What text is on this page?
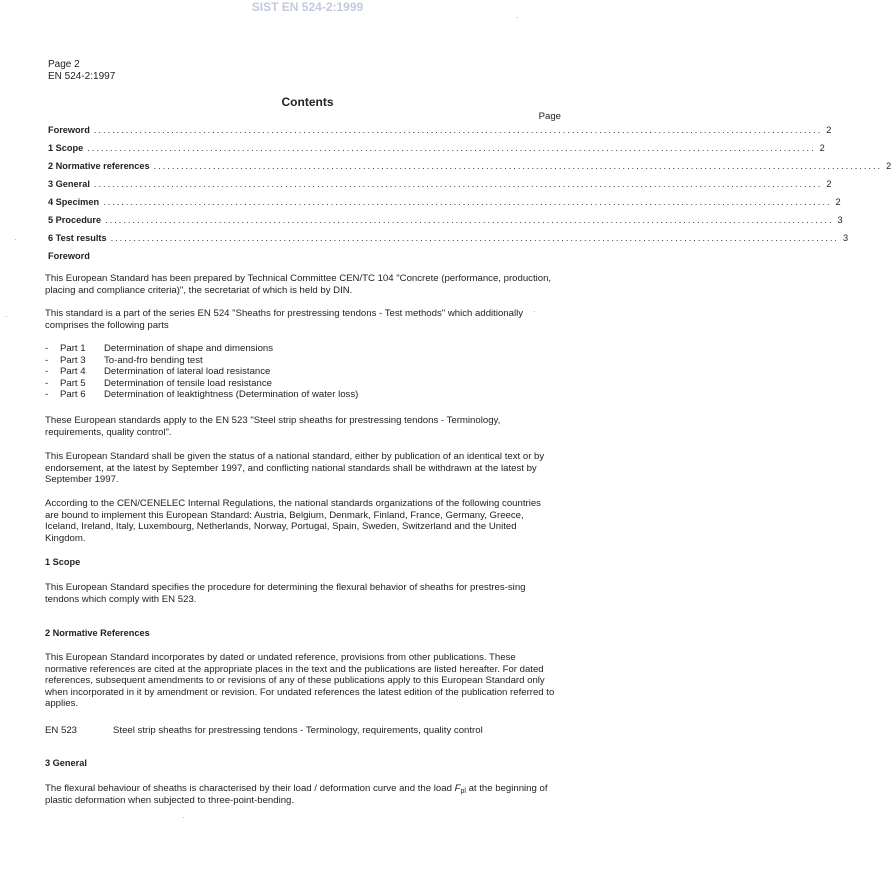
SIST EN 524-2:1999
Page 2
EN 524-2:1997
Contents
Page
Foreword ................................................................................................................................................................ 2
1 Scope ................................................................................................................................................................ 2
2 Normative references ................................................................................................................................................................ 2
3 General ................................................................................................................................................................ 2
4 Specimen ................................................................................................................................................................ 2
5 Procedure ................................................................................................................................................................ 3
6 Test results ................................................................................................................................................................ 3
Foreword
This European Standard has been prepared by Technical Committee CEN/TC 104 "Concrete (performance, production, placing and compliance criteria)", the secretariat of which is held by DIN.
This standard is a part of the series EN 524 "Sheaths for prestressing tendons - Test methods" which additionally comprises the following parts
-	Part 1	Determination of shape and dimensions
-	Part 3	To-and-fro bending test
-	Part 4	Determination of lateral load resistance
-	Part 5	Determination of tensile load resistance
-	Part 6	Determination of leaktightness (Determination of water loss)
These European standards apply to the EN 523 "Steel strip sheaths for prestressing tendons - Terminology, requirements, quality control".
This European Standard shall be given the status of a national standard, either by publication of an identical text or by endorsement, at the latest by September 1997, and conflicting national standards shall be withdrawn at the latest by September 1997.
According to the CEN/CENELEC Internal Regulations, the national standards organizations of the following countries are bound to implement this European Standard: Austria, Belgium, Denmark, Finland, France, Germany, Greece, Iceland, Ireland, Italy, Luxembourg, Netherlands, Norway, Portugal, Spain, Sweden, Switzerland and the United Kingdom.
1 Scope
This European Standard specifies the procedure for determining the flexural behavior of sheaths for prestres-sing tendons which comply with EN 523.
2 Normative References
This European Standard incorporates by dated or undated reference, provisions from other publications. These normative references are cited at the appropriate places in the text and the publications are listed hereafter. For dated references, subsequent amendments to or revisions of any of these publications apply to this European Standard only when incorporated in it by amendment or revision. For undated references the latest edition of the publication referred to applies.
EN 523	Steel strip sheaths for prestressing tendons - Terminology, requirements, quality control
3 General
The flexural behaviour of sheaths is characterised by their load / deformation curve and the load $F_{pl}$ at the beginning of plastic deformation when subjected to three-point-bending.
·
·
·
·
·
